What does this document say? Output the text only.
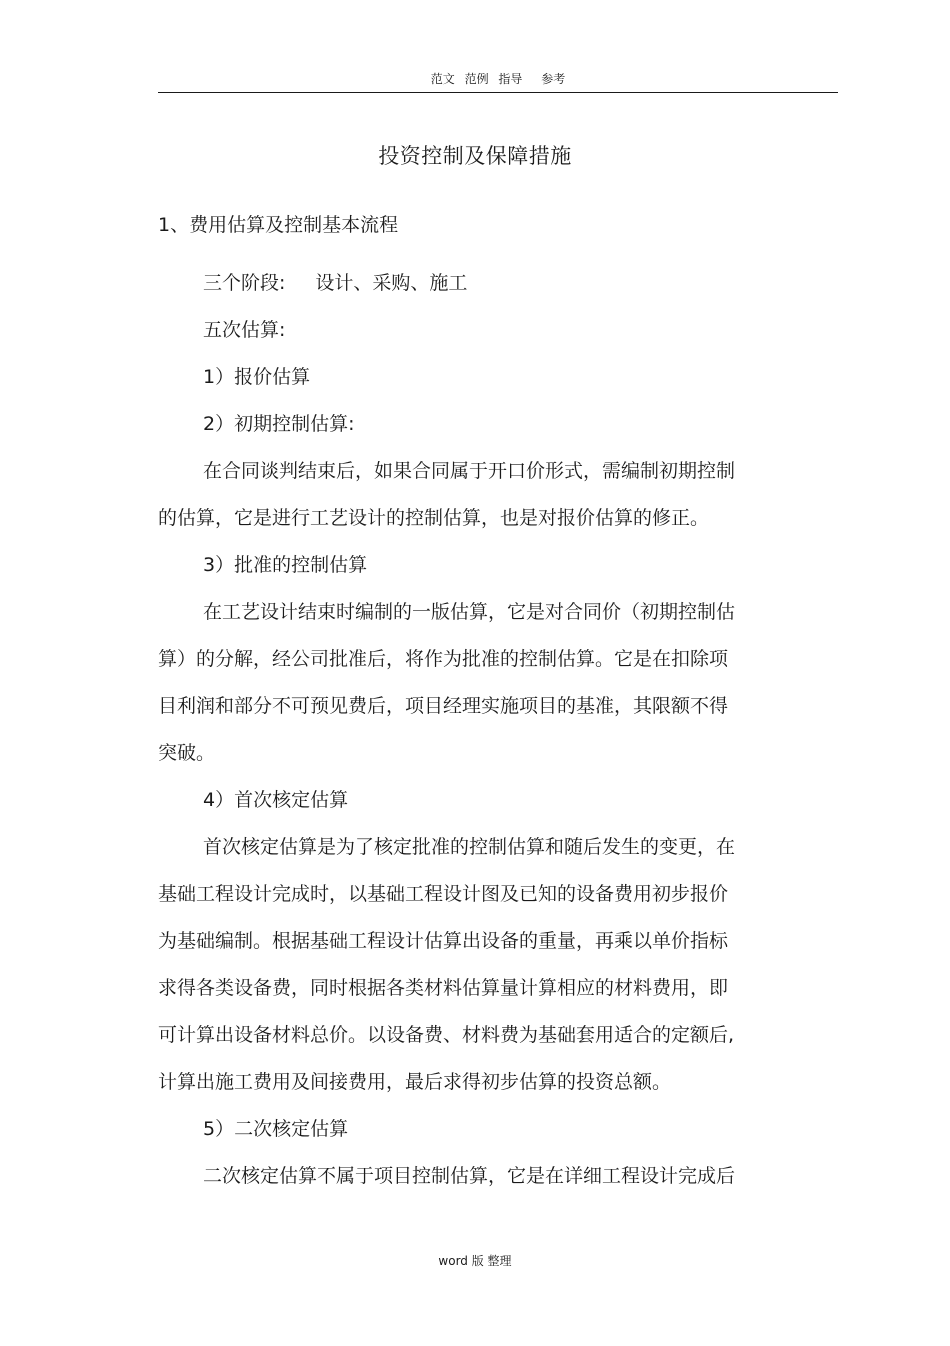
范文 范例 指导 参考
投资控制及保障措施
1、费用估算及控制基本流程
三个阶段: 设计、采购、施工
五次估算:
1）报价估算
2）初期控制估算:
在合同谈判结束后，如果合同属于开口价形式，需编制初期控制
的估算，它是进行工艺设计的控制估算，也是对报价估算的修正。
3）批准的控制估算
在工艺设计结束时编制的一版估算，它是对合同价（初期控制估
算）的分解，经公司批准后，将作为批准的控制估算。它是在扣除项
目利润和部分不可预见费后，项目经理实施项目的基准，其限额不得
突破。
4）首次核定估算
首次核定估算是为了核定批准的控制估算和随后发生的变更，在
基础工程设计完成时，以基础工程设计图及已知的设备费用初步报价
为基础编制。根据基础工程设计估算出设备的重量，再乘以单价指标
求得各类设备费，同时根据各类材料估算量计算相应的材料费用，即
可计算出设备材料总价。以设备费、材料费为基础套用适合的定额后,
计算出施工费用及间接费用，最后求得初步估算的投资总额。
5）二次核定估算
二次核定估算不属于项目控制估算，它是在详细工程设计完成后
word 版 整理
